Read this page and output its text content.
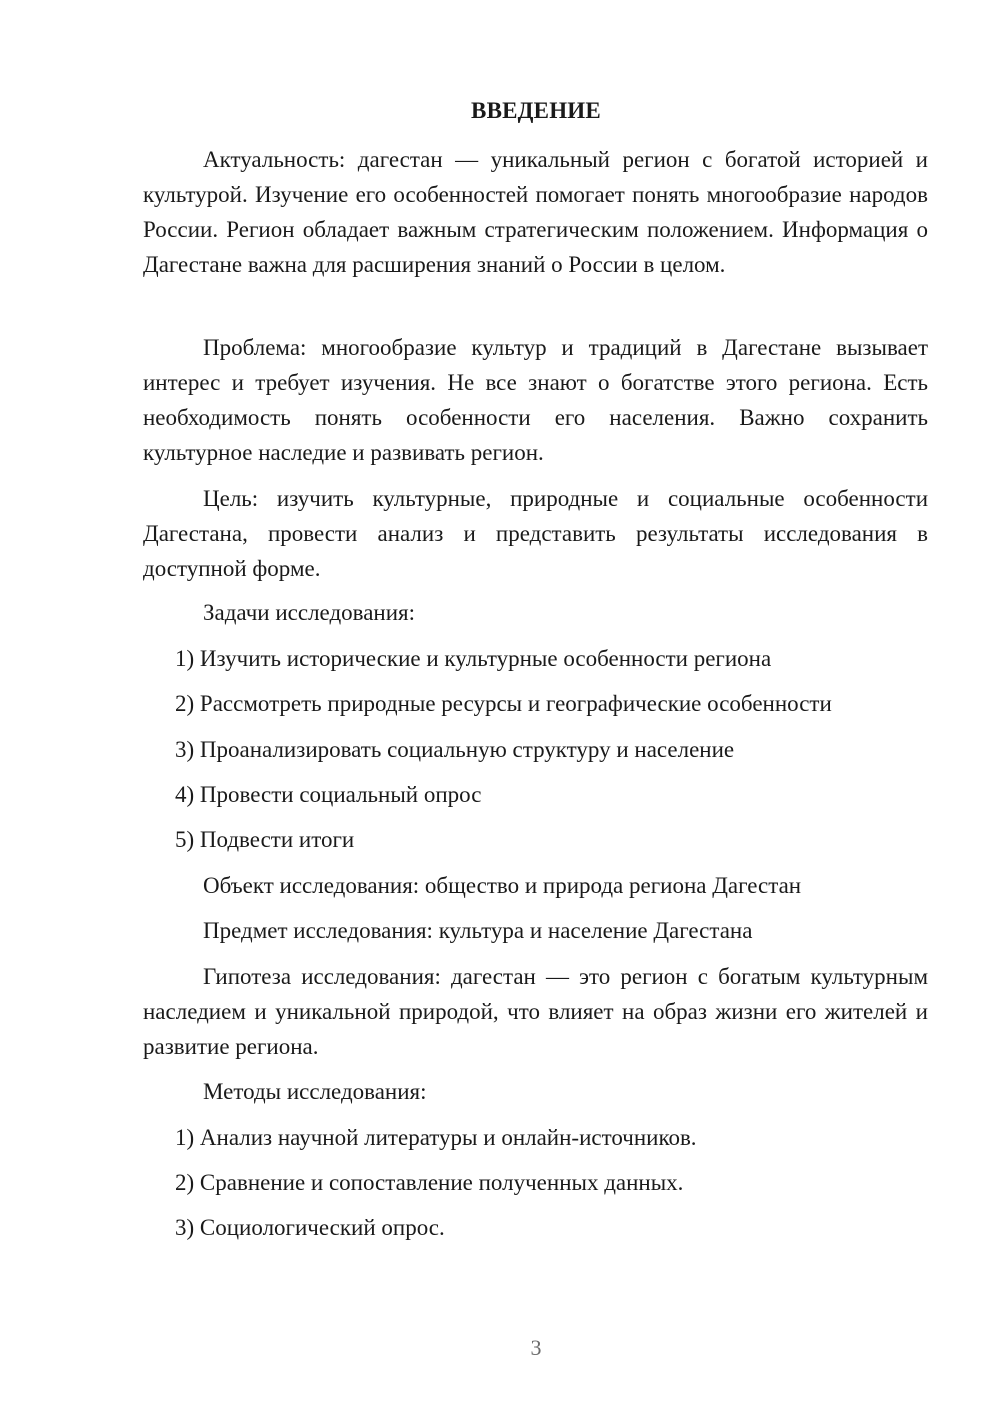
ВВЕДЕНИЕ

Актуальность: дагестан — уникальный регион с богатой историей и культурой. Изучение его особенностей помогает понять многообразие народов России. Регион обладает важным стратегическим положением. Информация о Дагестане важна для расширения знаний о России в целом.

Проблема: многообразие культур и традиций в Дагестане вызывает интерес и требует изучения. Не все знают о богатстве этого региона. Есть необходимость понять особенности его населения. Важно сохранить культурное наследие и развивать регион.

Цель: изучить культурные, природные и социальные особенности Дагестана, провести анализ и представить результаты исследования в доступной форме.

Задачи исследования:
1) Изучить исторические и культурные особенности региона
2) Рассмотреть природные ресурсы и географические особенности
3) Проанализировать социальную структуру и население
4) Провести социальный опрос
5) Подвести итоги
Объект исследования: общество и природа региона Дагестан
Предмет исследования: культура и население Дагестана

Гипотеза исследования: дагестан — это регион с богатым культурным наследием и уникальной природой, что влияет на образ жизни его жителей и развитие региона.

Методы исследования:
1) Анализ научной литературы и онлайн-источников.
2) Сравнение и сопоставление полученных данных.
3) Социологический опрос.
3
